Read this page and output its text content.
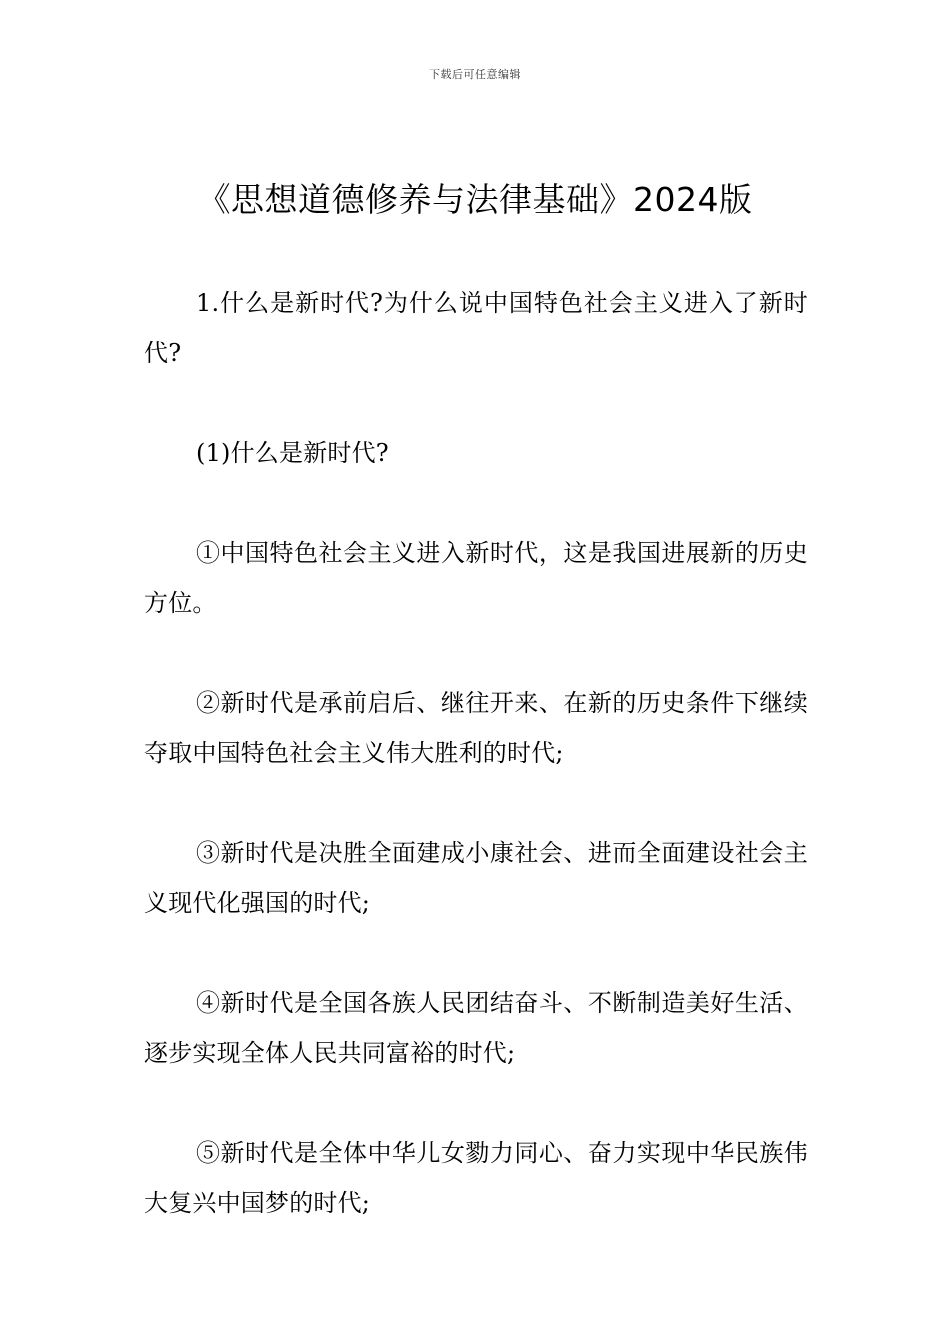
下载后可任意编辑
《思想道德修养与法律基础》2024版

1.什么是新时代?为什么说中国特色社会主义进入了新时代?

(1)什么是新时代?

①中国特色社会主义进入新时代，这是我国进展新的历史方位。

②新时代是承前启后、继往开来、在新的历史条件下继续夺取中国特色社会主义伟大胜利的时代;

③新时代是决胜全面建成小康社会、进而全面建设社会主义现代化强国的时代;

④新时代是全国各族人民团结奋斗、不断制造美好生活、逐步实现全体人民共同富裕的时代;

⑤新时代是全体中华儿女勠力同心、奋力实现中华民族伟大复兴中国梦的时代;
